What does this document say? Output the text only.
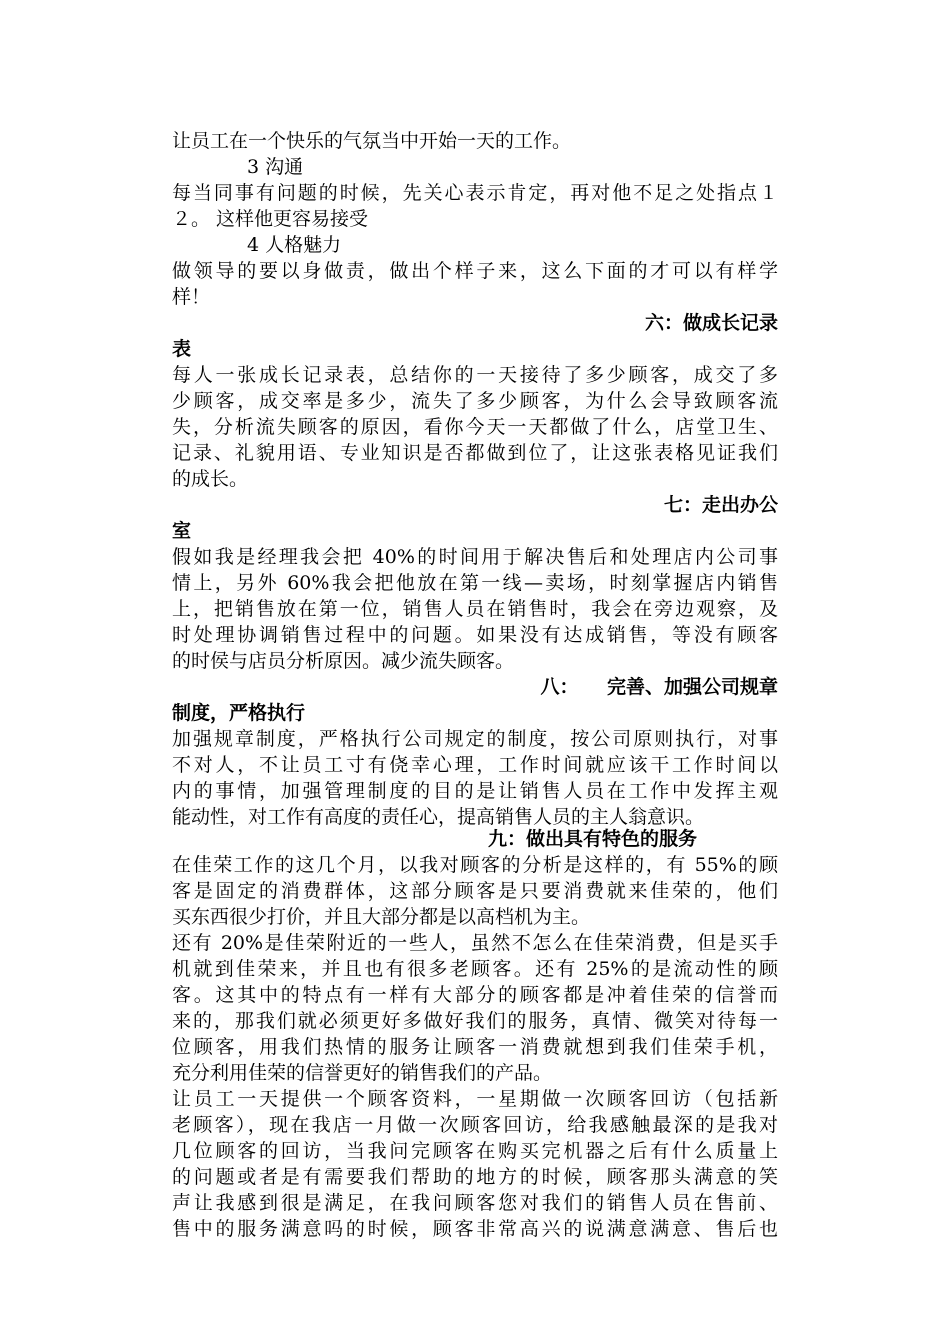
让员工在一个快乐的气氛当中开始一天的工作。
3 沟通
每当同事有问题的时候，先关心表示肯定，再对他不足之处指点１
２。 这样他更容易接受
4 人格魅力
做领导的要以身做责，做出个样子来，这么下面的才可以有样学
样！
六：做成长记录
表
每人一张成长记录表，总结你的一天接待了多少顾客，成交了多
少顾客，成交率是多少，流失了多少顾客，为什么会导致顾客流
失，分析流失顾客的原因，看你今天一天都做了什么，店堂卫生、
记录、礼貌用语、专业知识是否都做到位了，让这张表格见证我们
的成长。
七：走出办公
室
假如我是经理我会把 40%的时间用于解决售后和处理店内公司事
情上，另外 60%我会把他放在第一线—卖场，时刻掌握店内销售
上，把销售放在第一位，销售人员在销售时，我会在旁边观察，及
时处理协调销售过程中的问题。如果没有达成销售，等没有顾客
的时侯与店员分析原因。减少流失顾客。
八：　　完善、加强公司规章
制度，严格执行
加强规章制度，严格执行公司规定的制度，按公司原则执行，对事
不对人，不让员工寸有侥幸心理，工作时间就应该干工作时间以
内的事情，加强管理制度的目的是让销售人员在工作中发挥主观
能动性，对工作有高度的责任心，提高销售人员的主人翁意识。
九：做出具有特色的服务
在佳荣工作的这几个月，以我对顾客的分析是这样的，有 55%的顾
客是固定的消费群体，这部分顾客是只要消费就来佳荣的，他们
买东西很少打价，并且大部分都是以高档机为主。
还有 20%是佳荣附近的一些人，虽然不怎么在佳荣消费，但是买手
机就到佳荣来，并且也有很多老顾客。还有 25%的是流动性的顾
客。这其中的特点有一样有大部分的顾客都是冲着佳荣的信誉而
来的，那我们就必须更好多做好我们的服务，真情、微笑对待每一
位顾客，用我们热情的服务让顾客一消费就想到我们佳荣手机，
充分利用佳荣的信誉更好的销售我们的产品。
让员工一天提供一个顾客资料，一星期做一次顾客回访（包括新
老顾客），现在我店一月做一次顾客回访，给我感触最深的是我对
几位顾客的回访，当我问完顾客在购买完机器之后有什么质量上
的问题或者是有需要我们帮助的地方的时候，顾客那头满意的笑
声让我感到很是满足，在我问顾客您对我们的销售人员在售前、
售中的服务满意吗的时候，顾客非常高兴的说满意满意、售后也
